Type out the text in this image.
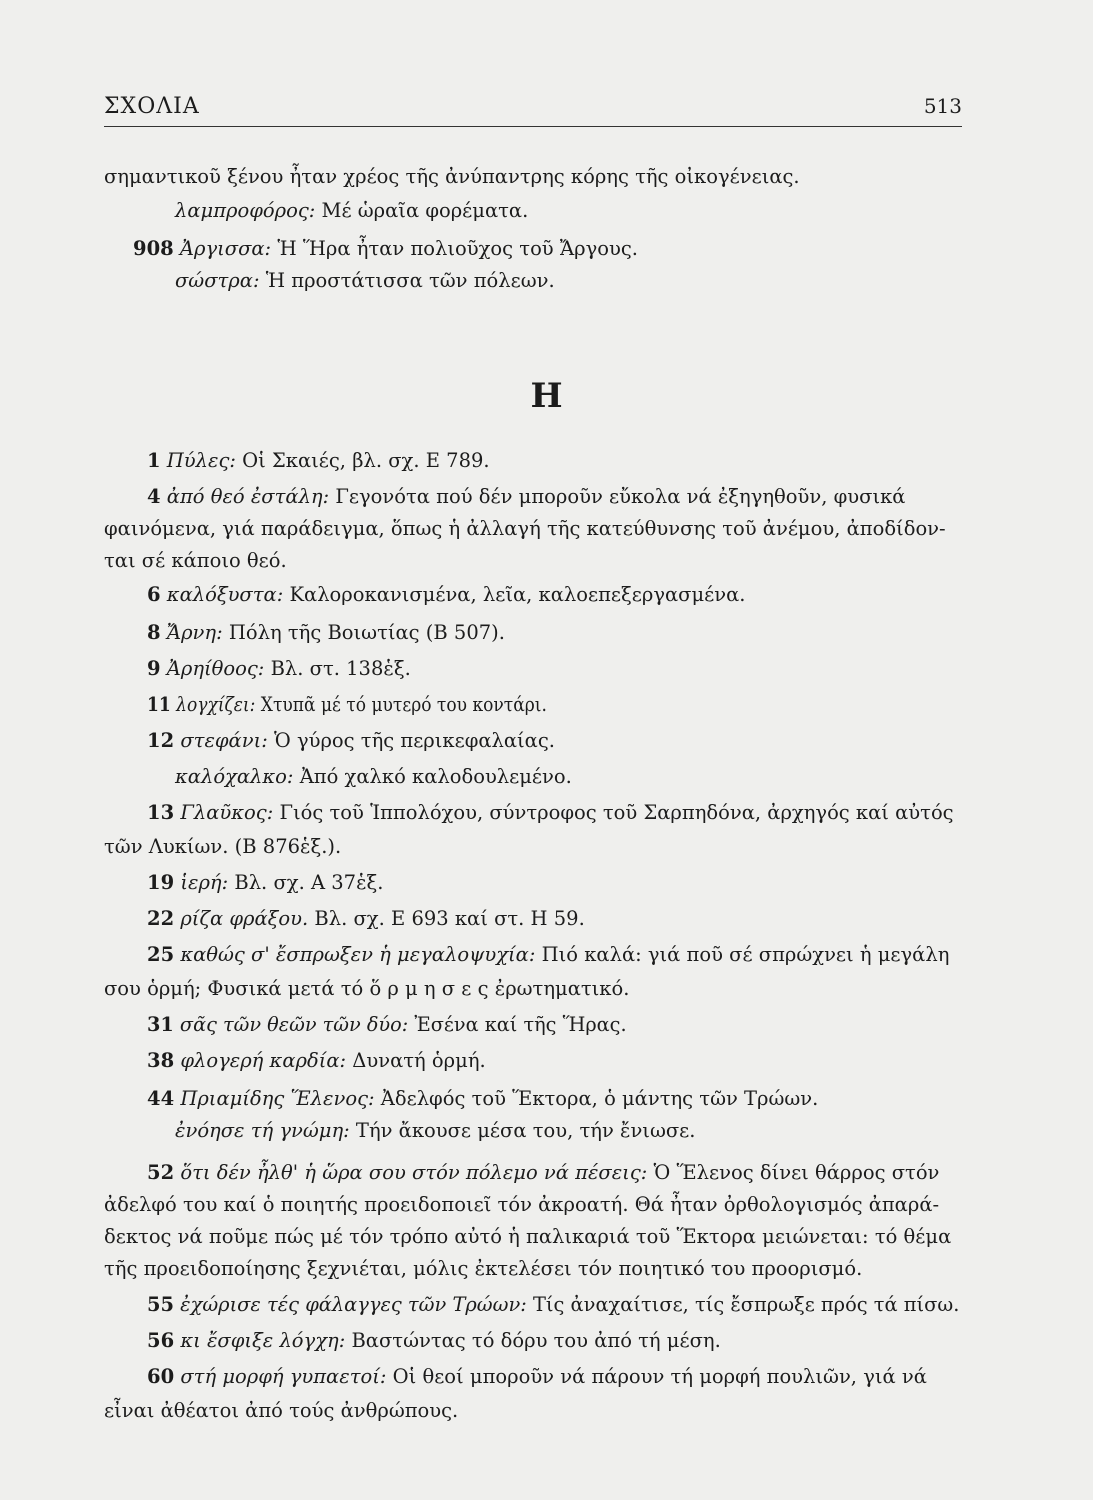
ΣΧΟΛΙΑ	513
Η
σημαντικοῦ ξένου ἦταν χρέος τῆς ἀνύπαντρης κόρης τῆς οἰκογένειας.
λαμπροφόρος: Μέ ὡραῖα φορέματα.
908 Ἀργισσα: Ἡ Ἥρα ἦταν πολιοῦχος τοῦ Ἄργους.
σώστρα: Ἡ προστάτισσα τῶν πόλεων.
1 Πύλες: Οἱ Σκαιές, βλ. σχ. Ε 789.
4 ἀπό θεό ἐστάλη: Γεγονότα πού δέν μποροῦν εὔκολα νά ἐξηγηθοῦν, φυσικά
φαινόμενα, γιά παράδειγμα, ὅπως ἡ ἀλλαγή τῆς κατεύθυνσης τοῦ ἀνέμου, ἀποδίδον-
ται σέ κάποιο θεό.
6 καλόξυστα: Καλοροκανισμένα, λεῖα, καλοεπεξεργασμένα.
8 Ἄρνη: Πόλη τῆς Βοιωτίας (Β 507).
9 Ἀρηίθοος: Βλ. στ. 138ἑξ.
11 λογχίζει: Χτυπᾶ μέ τό μυτερό του κοντάρι.
12 στεφάνι: Ὁ γύρος τῆς περικεφαλαίας.
καλόχαλκο: Ἀπό χαλκό καλοδουλεμένο.
13 Γλαῦκος: Γιός τοῦ Ἱππολόχου, σύντροφος τοῦ Σαρπηδόνα, ἀρχηγός καί αὐτός
τῶν Λυκίων. (Β 876ἑξ.).
19 ἱερή: Βλ. σχ. Α 37ἑξ.
22 ρίζα φράξου. Βλ. σχ. Ε 693 καί στ. Η 59.
25 καθώς σ' ἔσπρωξεν ἡ μεγαλοψυχία: Πιό καλά: γιά ποῦ σέ σπρώχνει ἡ μεγάλη
σου ὁρμή; Φυσικά μετά τό ὅ ρ μ η σ ε ς ἐρωτηματικό.
31 σᾶς τῶν θεῶν τῶν δύο: Ἐσένα καί τῆς Ἥρας.
38 φλογερή καρδία: Δυνατή ὁρμή.
44 Πριαμίδης Ἕλενος: Ἀδελφός τοῦ Ἕκτορα, ὁ μάντης τῶν Τρώων.
ἐνόησε τή γνώμη: Τήν ἄκουσε μέσα του, τήν ἔνιωσε.
52 ὅτι δέν ἦλθ' ἡ ὥρα σου στόν πόλεμο νά πέσεις: Ὁ Ἕλενος δίνει θάρρος στόν
ἀδελφό του καί ὁ ποιητής προειδοποιεῖ τόν ἀκροατή. Θά ἦταν ὀρθολογισμός ἀπαρά-
δεκτος νά ποῦμε πώς μέ τόν τρόπο αὐτό ἡ παλικαριά τοῦ Ἕκτορα μειώνεται: τό θέμα
τῆς προειδοποίησης ξεχνιέται, μόλις ἐκτελέσει τόν ποιητικό του προορισμό.
55 ἐχώρισε τές φάλαγγες τῶν Τρώων: Τίς ἀναχαίτισε, τίς ἔσπρωξε πρός τά πίσω.
56 κι ἔσφιξε λόγχη: Βαστώντας τό δόρυ του ἀπό τή μέση.
60 στή μορφή γυπαετοί: Οἱ θεοί μποροῦν νά πάρουν τή μορφή πουλιῶν, γιά νά
εἶναι ἀθέατοι ἀπό τούς ἀνθρώπους.
